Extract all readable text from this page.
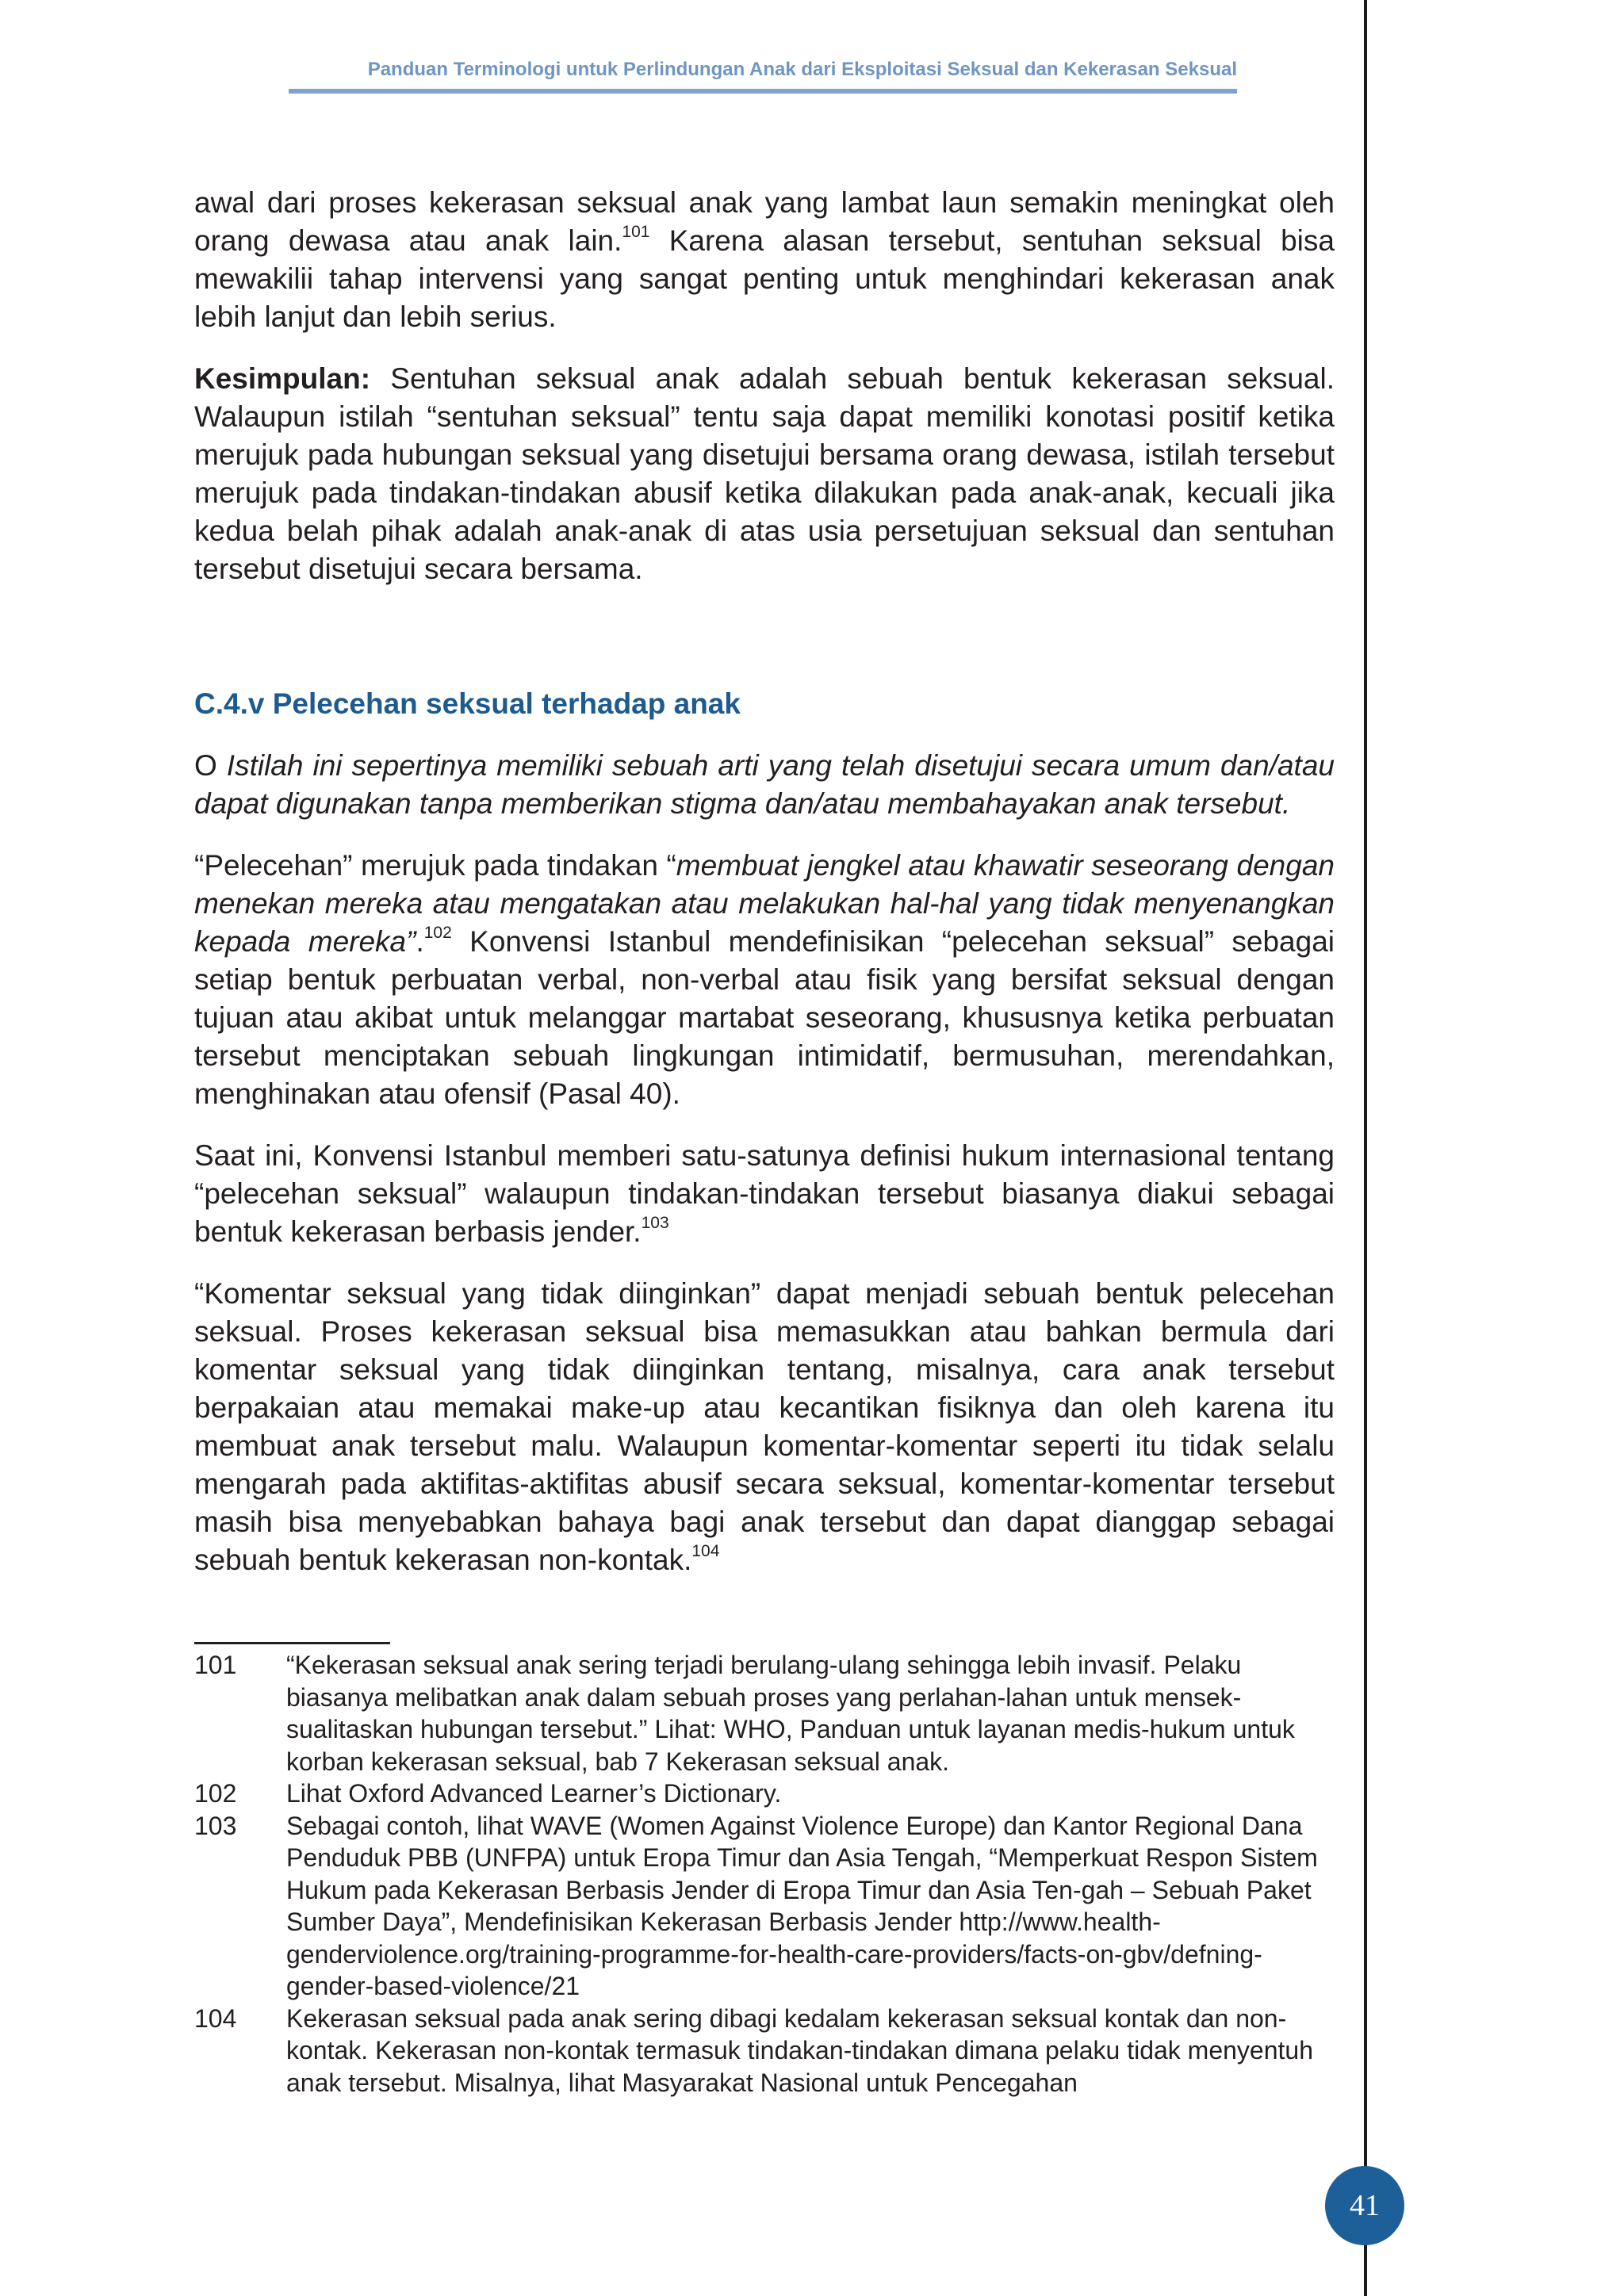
Panduan Terminologi untuk Perlindungan Anak dari Eksploitasi Seksual dan Kekerasan Seksual

awal dari proses kekerasan seksual anak yang lambat laun semakin meningkat oleh orang dewasa atau anak lain.$^{101}$ Karena alasan tersebut, sentuhan seksual bisa mewakilii tahap intervensi yang sangat penting untuk menghindari kekerasan anak lebih lanjut dan lebih serius.

Kesimpulan: Sentuhan seksual anak adalah sebuah bentuk kekerasan seksual. Walaupun istilah “sentuhan seksual” tentu saja dapat memiliki konotasi positif ketika merujuk pada hubungan seksual yang disetujui bersama orang dewasa, istilah tersebut merujuk pada tindakan-tindakan abusif ketika dilakukan pada anak-anak, kecuali jika kedua belah pihak adalah anak-anak di atas usia persetujuan seksual dan sentuhan tersebut disetujui secara bersama.

C.4.v Pelecehan seksual terhadap anak

O Istilah ini sepertinya memiliki sebuah arti yang telah disetujui secara umum dan/atau dapat digunakan tanpa memberikan stigma dan/atau membahayakan anak tersebut.

“Pelecehan” merujuk pada tindakan “membuat jengkel atau khawatir seseorang dengan menekan mereka atau mengatakan atau melakukan hal-hal yang tidak menyenangkan kepada mereka”.$^{102}$ Konvensi Istanbul mendefinisikan “pelecehan seksual” sebagai setiap bentuk perbuatan verbal, non-verbal atau fisik yang bersifat seksual dengan tujuan atau akibat untuk melanggar martabat seseorang, khususnya ketika perbuatan tersebut menciptakan sebuah lingkungan intimidatif, bermusuhan, merendahkan, menghinakan atau ofensif (Pasal 40).

Saat ini, Konvensi Istanbul memberi satu-satunya definisi hukum internasional tentang “pelecehan seksual” walaupun tindakan-tindakan tersebut biasanya diakui sebagai bentuk kekerasan berbasis jender.$^{103}$

“Komentar seksual yang tidak diinginkan” dapat menjadi sebuah bentuk pelecehan seksual. Proses kekerasan seksual bisa memasukkan atau bahkan bermula dari komentar seksual yang tidak diinginkan tentang, misalnya, cara anak tersebut berpakaian atau memakai make-up atau kecantikan fisiknya dan oleh karena itu membuat anak tersebut malu. Walaupun komentar-komentar seperti itu tidak selalu mengarah pada aktifitas-aktifitas abusif secara seksual, komentar-komentar tersebut masih bisa menyebabkan bahaya bagi anak tersebut dan dapat dianggap sebagai sebuah bentuk kekerasan non-kontak.$^{104}$

101	“Kekerasan seksual anak sering terjadi berulang-ulang sehingga lebih invasif. Pelaku biasanya melibatkan anak dalam sebuah proses yang perlahan-lahan untuk mensek-sualitaskan hubungan tersebut.” Lihat: WHO, Panduan untuk layanan medis-hukum untuk korban kekerasan seksual, bab 7 Kekerasan seksual anak.
102	Lihat Oxford Advanced Learner’s Dictionary.
103	Sebagai contoh, lihat WAVE (Women Against Violence Europe) dan Kantor Regional Dana Penduduk PBB (UNFPA) untuk Eropa Timur dan Asia Tengah, “Memperkuat Respon Sistem Hukum pada Kekerasan Berbasis Jender di Eropa Timur dan Asia Ten-gah – Sebuah Paket Sumber Daya”, Mendefinisikan Kekerasan Berbasis Jender http://www.health-genderviolence.org/training-programme-for-health-care-providers/facts-on-gbv/defning-gender-based-violence/21
104	Kekerasan seksual pada anak sering dibagi kedalam kekerasan seksual kontak dan non-kontak. Kekerasan non-kontak termasuk tindakan-tindakan dimana pelaku tidak menyentuh anak tersebut. Misalnya, lihat Masyarakat Nasional untuk Pencegahan
41
